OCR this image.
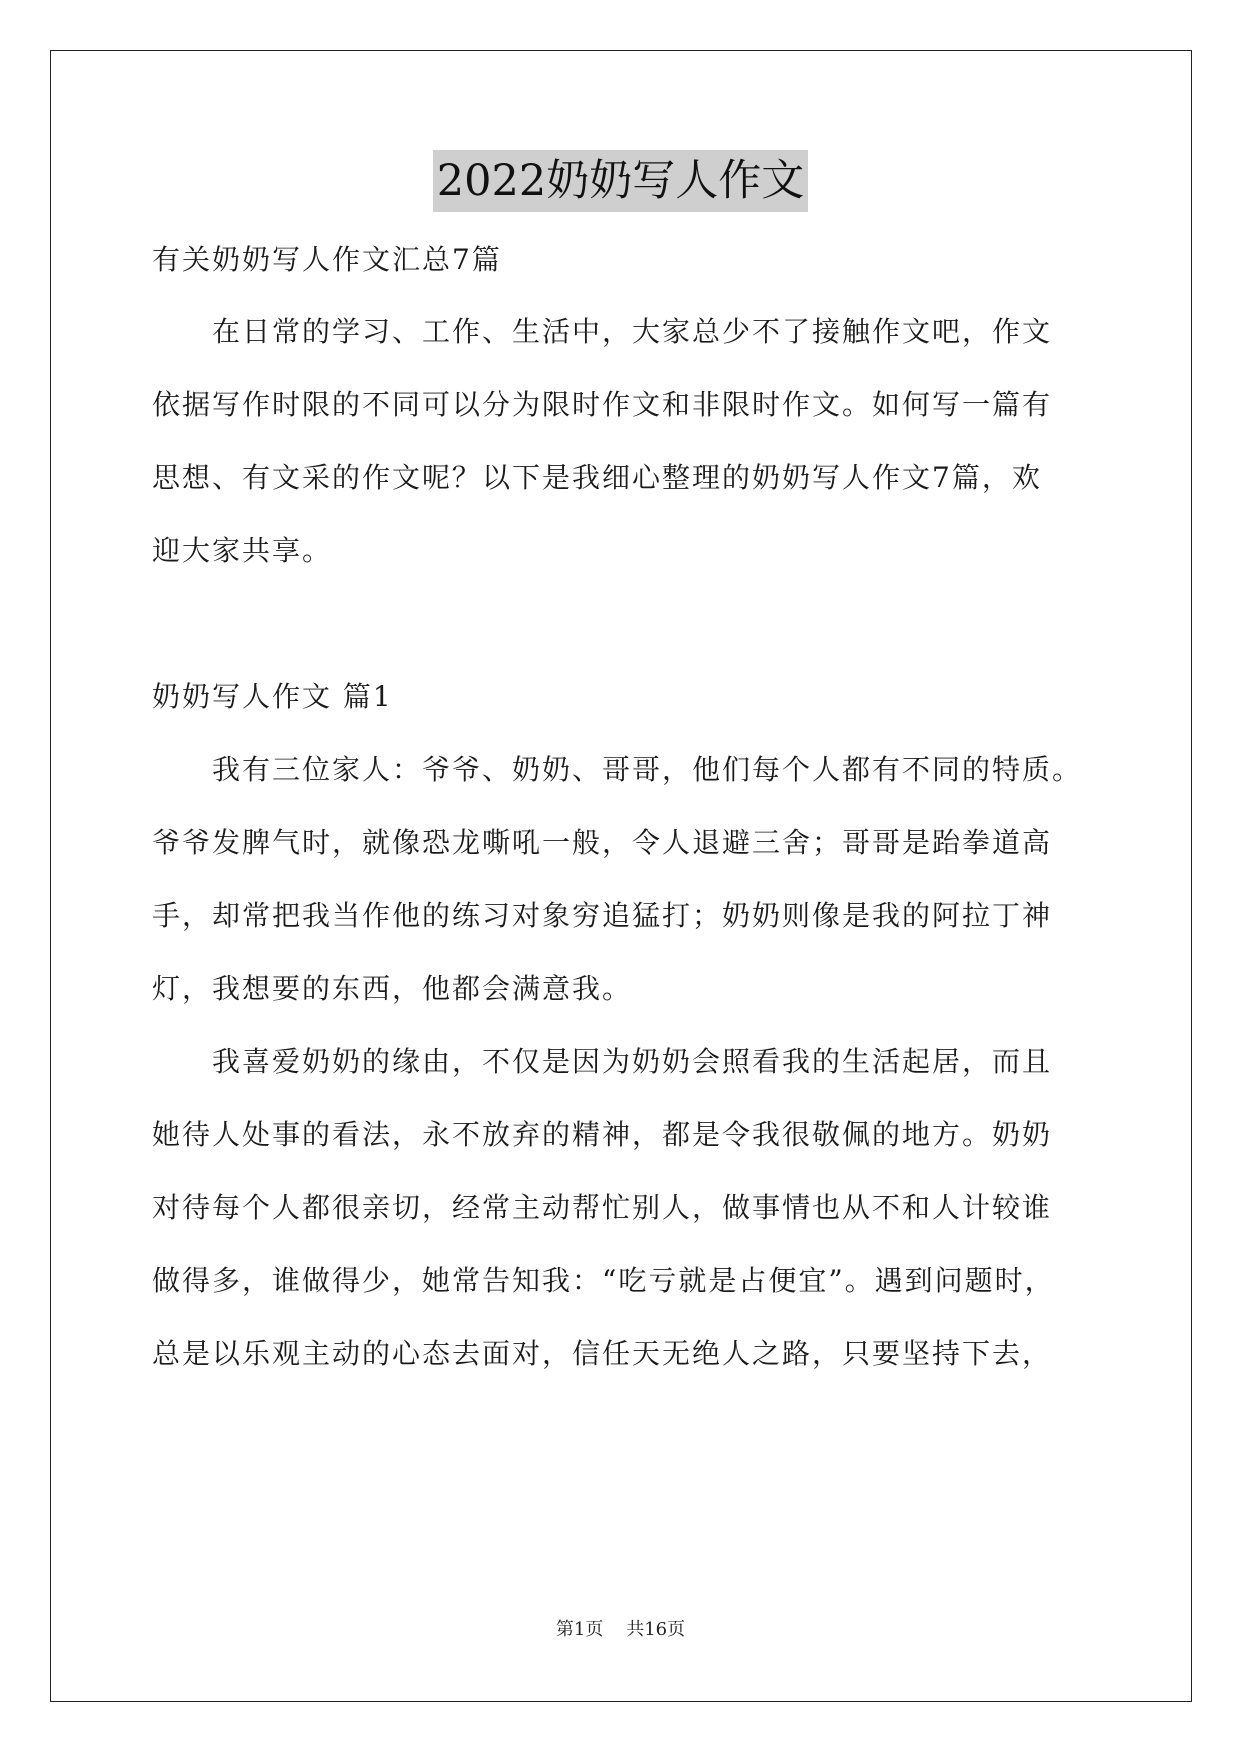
2022奶奶写人作文
有关奶奶写人作文汇总7篇
　　在日常的学习、工作、生活中，大家总少不了接触作文吧，作文
依据写作时限的不同可以分为限时作文和非限时作文。如何写一篇有
思想、有文采的作文呢？以下是我细心整理的奶奶写人作文7篇，欢
迎大家共享。
奶奶写人作文 篇1
　　我有三位家人：爷爷、奶奶、哥哥，他们每个人都有不同的特质。
爷爷发脾气时，就像恐龙嘶吼一般，令人退避三舍；哥哥是跆拳道高
手，却常把我当作他的练习对象穷追猛打；奶奶则像是我的阿拉丁神
灯，我想要的东西，他都会满意我。
　　我喜爱奶奶的缘由，不仅是因为奶奶会照看我的生活起居，而且
她待人处事的看法，永不放弃的精神，都是令我很敬佩的地方。奶奶
对待每个人都很亲切，经常主动帮忙别人，做事情也从不和人计较谁
做得多，谁做得少，她常告知我：“吃亏就是占便宜”。遇到问题时，
总是以乐观主动的心态去面对，信任天无绝人之路，只要坚持下去，
第1页 共16页
